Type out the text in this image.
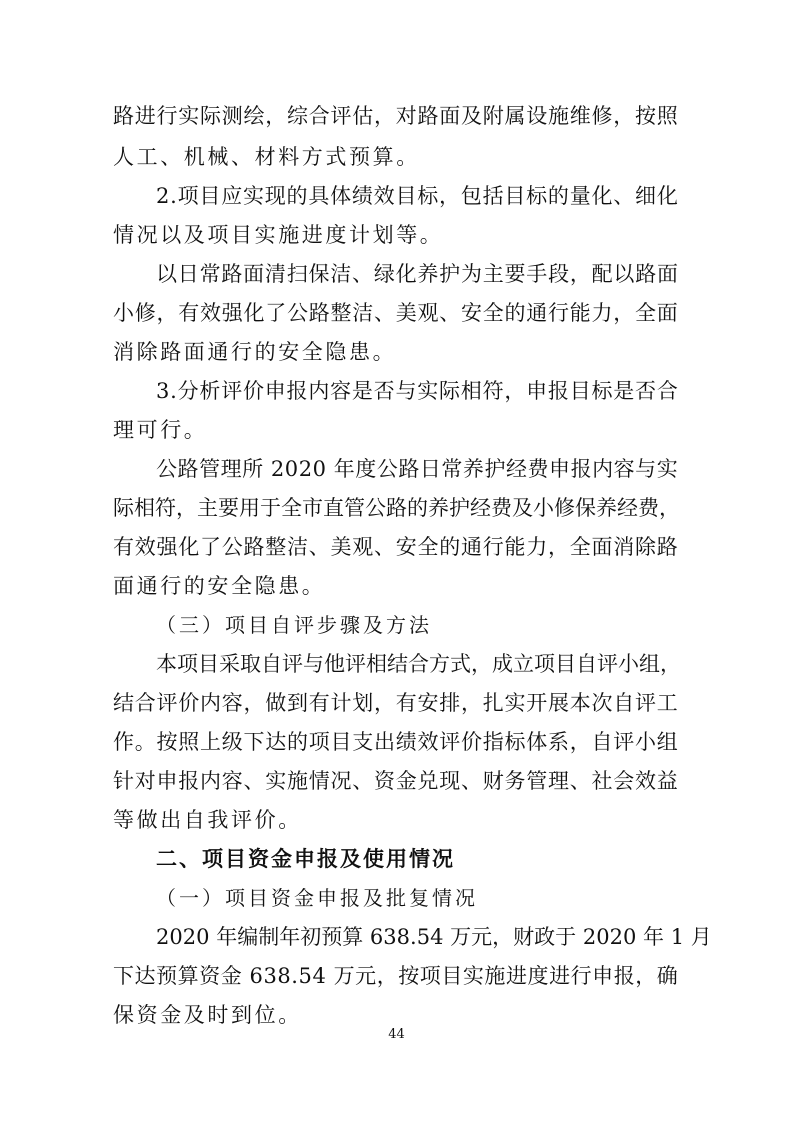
路 进 行 实 际 测 绘 ， 综 合 评 估 ， 对 路 面 及 附 属 设 施 维 修 ， 按 照
人工、机械、材料方式预算。
2 . 项 目 应 实 现 的 具 体 绩 效 目 标 ， 包 括 目 标 的 量 化 、 细 化
情况以及项目实施进度计划等。
以 日 常 路 面 清 扫 保 洁 、 绿 化 养 护 为 主 要 手 段 ， 配 以 路 面
小 修 ， 有 效 强 化 了 公 路 整 洁 、 美 观 、 安 全 的 通 行 能 力 ， 全 面
消除路面通行的安全隐患。
3 . 分 析 评 价 申 报 内 容 是 否 与 实 际 相 符 ， 申 报 目 标 是 否 合
理可行。
公 路 管 理 所
2 0 2 0
年 度 公 路 日 常 养 护 经 费 申 报 内 容 与 实
际 相 符 ， 主 要 用 于 全 市 直 管 公 路 的 养 护 经 费 及 小 修 保 养 经 费 ，
有 效 强 化 了 公 路 整 洁 、 美 观 、 安 全 的 通 行 能 力 ， 全 面 消 除 路
面通行的安全隐患。
（三）项目自评步骤及方法
本 项 目 采 取 自 评 与 他 评 相 结 合 方 式 ， 成 立 项 目 自 评 小 组 ，
结 合 评 价 内 容 ， 做 到 有 计 划 ， 有 安 排 ， 扎 实 开 展 本 次 自 评 工
作 。 按 照 上 级 下 达 的 项 目 支 出 绩 效 评 价 指 标 体 系 ， 自 评 小 组
针 对 申 报 内 容 、 实 施 情 况 、 资 金 兑 现 、 财 务 管 理 、 社 会 效 益
等做出自我评价。
二、项目资金申报及使用情况
（一）项目资金申报及批复情况
2 0 2 0
年 编 制 年 初 预 算
6 3 8 . 5 4
万 元 ， 财 政 于
2 0 2 0
年
1
月
下 达 预 算 资 金
6 3 8 . 5 4
万 元 ， 按 项 目 实 施 进 度 进 行 申 报 ， 确
保资金及时到位。
44
